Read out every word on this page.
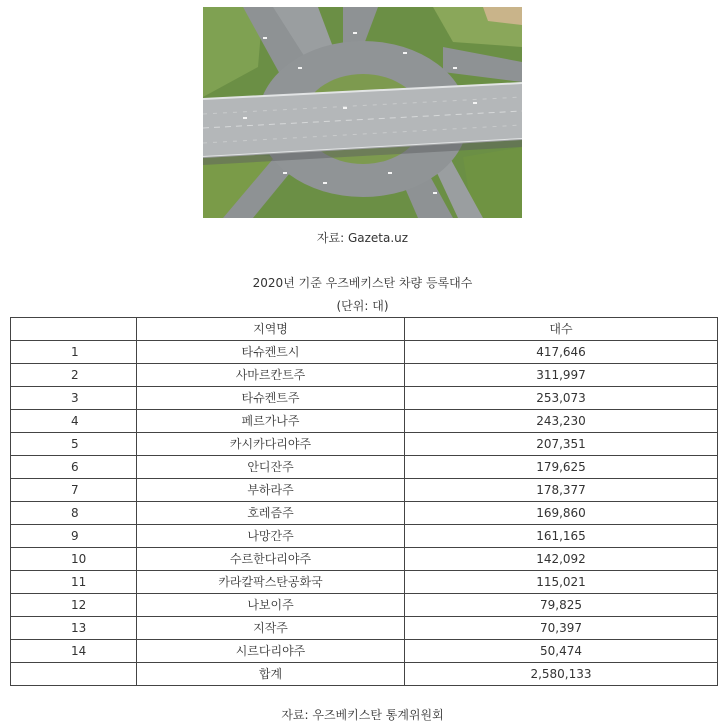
자료: Gazeta.uz
2020년 기준 우즈베키스탄 차량 등록대수
(단위: 대)
	지역명	대수
1	타슈켄트시	417,646
2	사마르칸트주	311,997
3	타슈켄트주	253,073
4	페르가나주	243,230
5	카시카다리야주	207,351
6	안디잔주	179,625
7	부하라주	178,377
8	호레즘주	169,860
9	나망간주	161,165
10	수르한다리야주	142,092
11	카라칼팍스탄공화국	115,021
12	나보이주	79,825
13	지작주	70,397
14	시르다리야주	50,474
	합계	2,580,133
자료: 우즈베키스탄 통계위원회
